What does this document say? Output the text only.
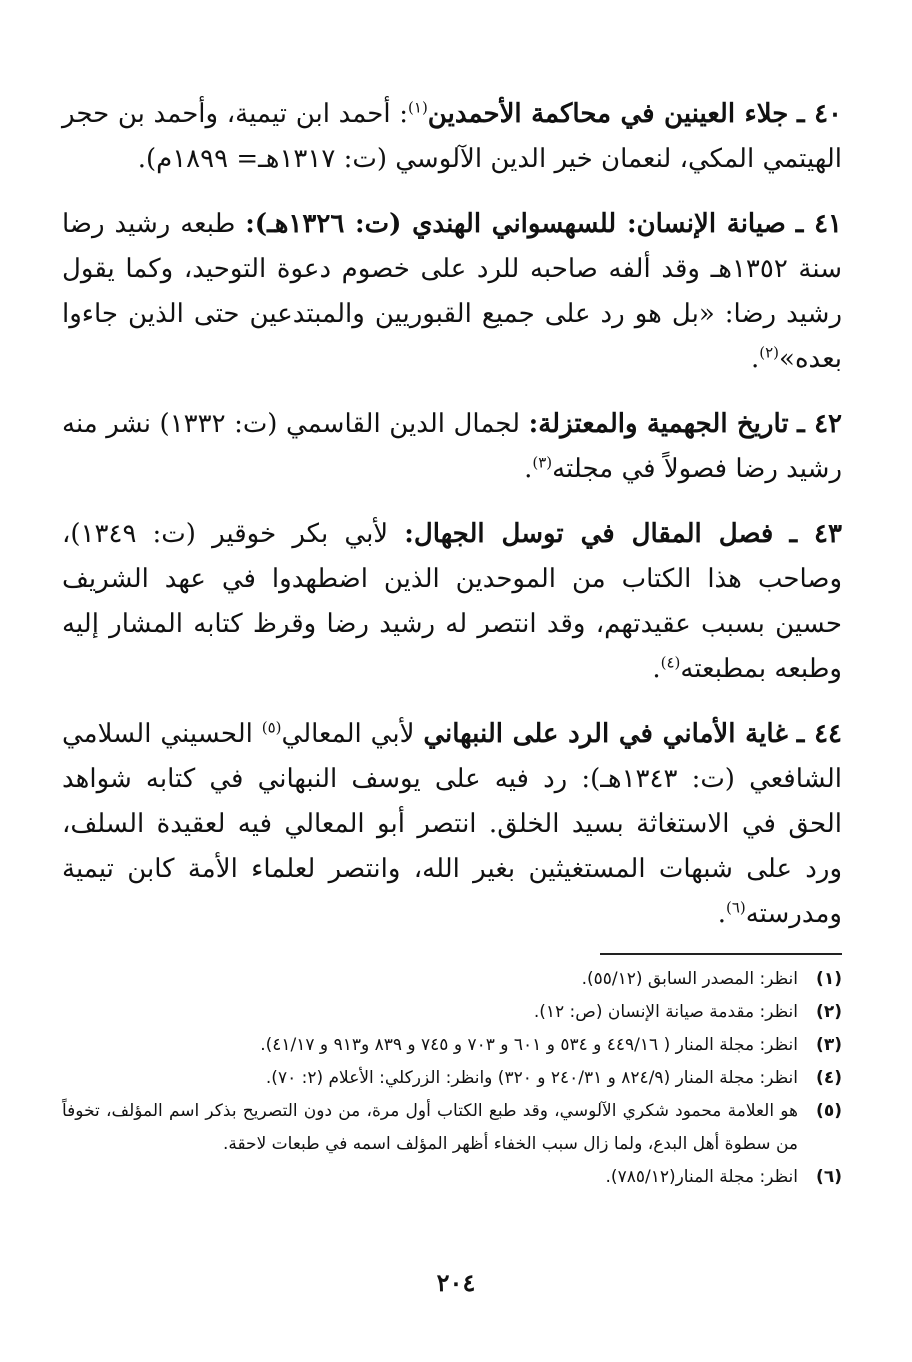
٤٠ ـ جلاء العينين في محاكمة الأحمدين$^{(١)}$: أحمد ابن تيمية، وأحمد بن حجر الهيتمي المكي، لنعمان خير الدين الآلوسي (ت: ١٣١٧هـ= ١٨٩٩م).

٤١ ـ صيانة الإنسان: للسهسواني الهندي (ت: ١٣٢٦هـ): طبعه رشيد رضا سنة ١٣٥٢هـ وقد ألفه صاحبه للرد على خصوم دعوة التوحيد، وكما يقول رشيد رضا: «بل هو رد على جميع القبوريين والمبتدعين حتى الذين جاءوا بعده»$^{(٢)}$.

٤٢ ـ تاريخ الجهمية والمعتزلة: لجمال الدين القاسمي (ت: ١٣٣٢) نشر منه رشيد رضا فصولاً في مجلته$^{(٣)}$.

٤٣ ـ فصل المقال في توسل الجهال: لأبي بكر خوقير (ت: ١٣٤٩)، وصاحب هذا الكتاب من الموحدين الذين اضطهدوا في عهد الشريف حسين بسبب عقيدتهم، وقد انتصر له رشيد رضا وقرظ كتابه المشار إليه وطبعه بمطبعته$^{(٤)}$.

٤٤ ـ غاية الأماني في الرد على النبهاني لأبي المعالي$^{(٥)}$ الحسيني السلامي الشافعي (ت: ١٣٤٣هـ): رد فيه على يوسف النبهاني في كتابه شواهد الحق في الاستغاثة بسيد الخلق. انتصر أبو المعالي فيه لعقيدة السلف، ورد على شبهات المستغيثين بغير الله، وانتصر لعلماء الأمة كابن تيمية ومدرسته$^{(٦)}$.

(١)
انظر: المصدر السابق (٥٥/١٢).
(٢)
انظر: مقدمة صيانة الإنسان (ص: ١٢).
(٣)
انظر: مجلة المنار ( ٤٤٩/١٦ و ٥٣٤ و ٦٠١ و ٧٠٣ و ٧٤٥ و ٨٣٩ و٩١٣ و ٤١/١٧).
(٤)
انظر: مجلة المنار (٨٢٤/٩ و ٢٤٠/٣١ و ٣٢٠) وانظر: الزركلي: الأعلام (٢: ٧٠).
(٥)
هو العلامة محمود شكري الآلوسي، وقد طبع الكتاب أول مرة، من دون التصريح بذكر اسم المؤلف، تخوفاً من سطوة أهل البدع، ولما زال سبب الخفاء أظهر المؤلف اسمه في طبعات لاحقة.
(٦)
انظر: مجلة المنار(٧٨٥/١٢).
٢٠٤
